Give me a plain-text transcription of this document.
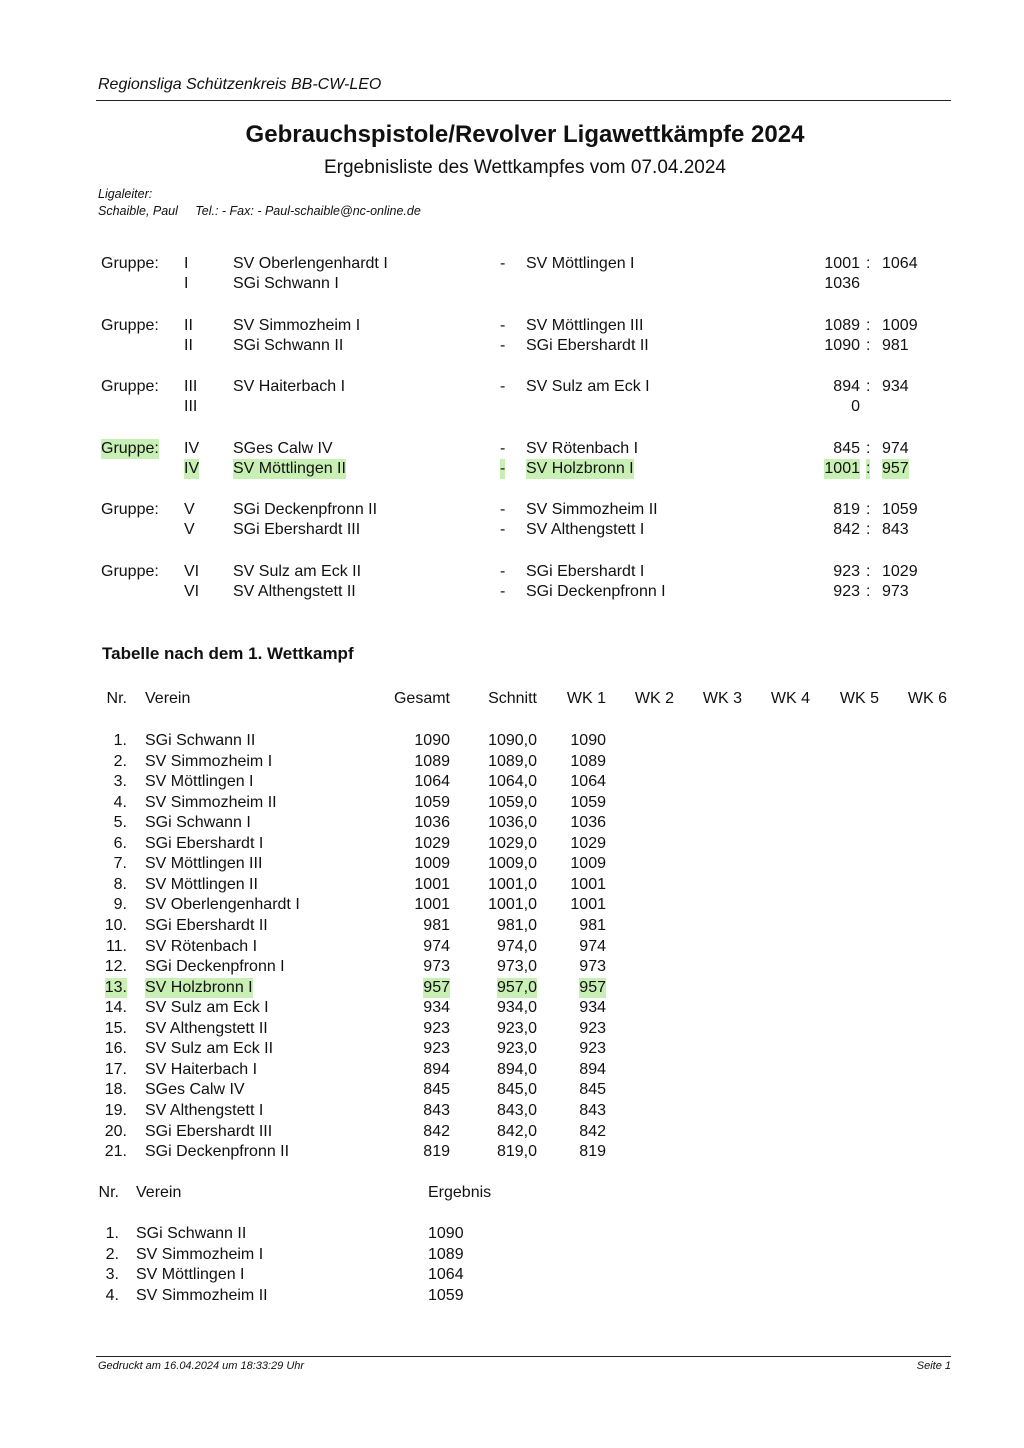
Regionsliga Schützenkreis BB-CW-LEO
Gebrauchspistole/Revolver Ligawettkämpfe 2024
Ergebnisliste des Wettkampfes vom 07.04.2024
Ligaleiter:
Schaible, Paul     Tel.: - Fax: - Paul-schaible@nc-online.de
Gruppe: I	SV Oberlengenhardt I	- SV Möttlingen I	1001 : 1064
I	SGi Schwann I	1036
Gruppe: II	SV Simmozheim I	- SV Möttlingen III	1089 : 1009
II	SGi Schwann II	- SGi Ebershardt II	1090 : 981
Gruppe: III SV Haiterbach I	- SV Sulz am Eck I	894 : 934
III	0
Gruppe: IV SGes Calw IV	- SV Rötenbach I	845 : 974
IV SV Möttlingen II	- SV Holzbronn I	1001 : 957
Gruppe: V SGi Deckenpfronn II	- SV Simmozheim II	819 : 1059
V SGi Ebershardt III	- SV Althengstett I	842 : 843
Gruppe: VI SV Sulz am Eck II	- SGi Ebershardt I	923 : 1029
VI SV Althengstett II	- SGi Deckenpfronn I	923 : 973
Tabelle nach dem 1. Wettkampf
Nr. Verein	Gesamt Schnitt WK 1 WK 2 WK 3 WK 4 WK 5 WK 6
1. SGi Schwann II	1090 1090,0 1090
2. SV Simmozheim I	1089 1089,0 1089
3. SV Möttlingen I	1064 1064,0 1064
4. SV Simmozheim II	1059 1059,0 1059
5. SGi Schwann I	1036 1036,0 1036
6. SGi Ebershardt I	1029 1029,0 1029
7. SV Möttlingen III	1009 1009,0 1009
8. SV Möttlingen II	1001 1001,0 1001
9. SV Oberlengenhardt I	1001 1001,0 1001
10. SGi Ebershardt II	981	981,0	981
11. SV Rötenbach I	974	974,0	974
12. SGi Deckenpfronn I	973	973,0	973
13. SV Holzbronn I	957	957,0	957
14. SV Sulz am Eck I	934	934,0	934
15. SV Althengstett II	923	923,0	923
16. SV Sulz am Eck II	923	923,0	923
17. SV Haiterbach I	894	894,0	894
18. SGes Calw IV	845	845,0	845
19. SV Althengstett I	843	843,0	843
20. SGi Ebershardt III	842	842,0	842
21. SGi Deckenpfronn II	819	819,0	819
Nr. Verein	Ergebnis
1. SGi Schwann II	1090
2. SV Simmozheim I	1089
3. SV Möttlingen I	1064
4. SV Simmozheim II	1059
Gedruckt am 16.04.2024 um 18:33:29 Uhr	Seite 1
